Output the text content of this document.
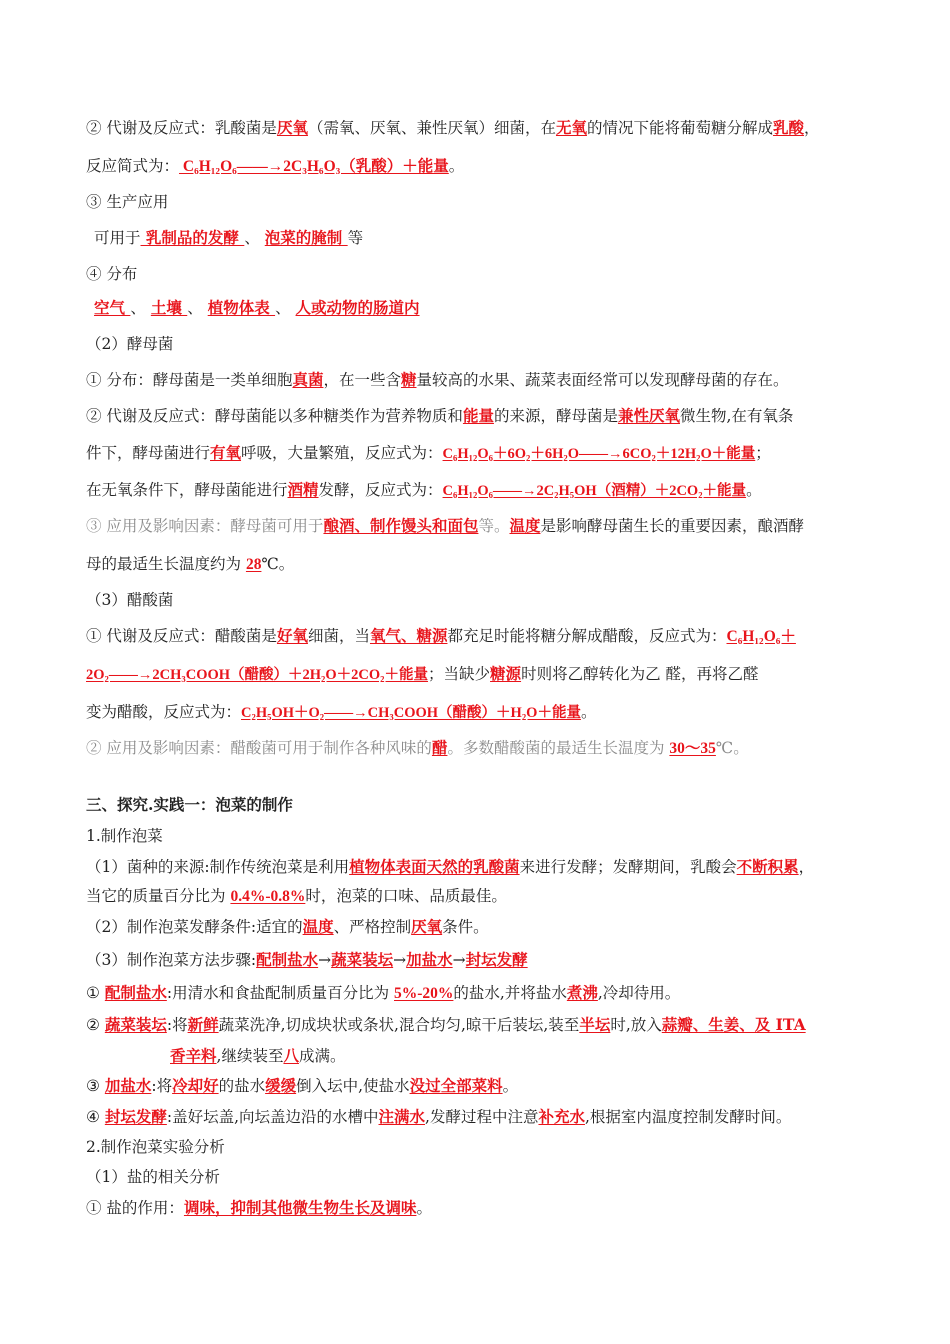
② 代谢及反应式：乳酸菌是厌氧（需氧、厌氧、兼性厌氧）细菌，在无氧的情况下能将葡萄糖分解成乳酸，
反应简式为： C₆H₁₂O₆——→2C₃H₆O₃（乳酸）＋能量。
③ 生产应用
可用于 乳制品的发酵 、 泡菜的腌制 等
④ 分布
空气 、 土壤 、 植物体表 、 人或动物的肠道内
（2）酵母菌
① 分布：酵母菌是一类单细胞真菌，在一些含糖量较高的水果、蔬菜表面经常可以发现酵母菌的存在。
② 代谢及反应式：酵母菌能以多种糖类作为营养物质和能量的来源，酵母菌是兼性厌氧微生物,在有氧条
件下，酵母菌进行有氧呼吸，大量繁殖，反应式为：C₆H₁₂O₆＋6O₂＋6H₂O——→6CO₂＋12H₂O＋能量；
在无氧条件下，酵母菌能进行酒精发酵，反应式为：C₆H₁₂O₆——→2C₂H₅OH（酒精）＋2CO₂＋能量。
③ 应用及影响因素：酵母菌可用于酿酒、制作馒头和面包等。温度是影响酵母菌生长的重要因素，酿酒酵
母的最适生长温度约为 28℃。
（3）醋酸菌
① 代谢及反应式：醋酸菌是好氧细菌，当氧气、糖源都充足时能将糖分解成醋酸，反应式为：C₆H₁₂O₆＋
2O₂——→2CH₃COOH（醋酸）＋2H₂O＋2CO₂＋能量；当缺少糖源时则将乙醇转化为乙 醛，再将乙醛
变为醋酸，反应式为：C₂H₅OH＋O₂——→CH₃COOH（醋酸）＋H₂O＋能量。
② 应用及影响因素：醋酸菌可用于制作各种风味的醋。多数醋酸菌的最适生长温度为 30～35℃。
三、探究.实践一：泡菜的制作
1.制作泡菜
（1）菌种的来源:制作传统泡菜是利用植物体表面天然的乳酸菌来进行发酵；发酵期间，乳酸会不断积累，
当它的质量百分比为 0.4%-0.8%时，泡菜的口味、品质最佳。
（2）制作泡菜发酵条件:适宜的温度、严格控制厌氧条件。
（3）制作泡菜方法步骤:配制盐水→蔬菜装坛→加盐水→封坛发酵
① 配制盐水:用清水和食盐配制质量百分比为 5%-20%的盐水,并将盐水煮沸,冷却待用。
② 蔬菜装坛:将新鲜蔬菜洗净,切成块状或条状,混合均匀,晾干后装坛,装至半坛时,放入蒜瓣、生姜、及 ITA
香辛料,继续装至八成满。
③ 加盐水:将冷却好的盐水缓缓倒入坛中,使盐水没过全部菜料。
④ 封坛发酵:盖好坛盖,向坛盖边沿的水槽中注满水,发酵过程中注意补充水,根据室内温度控制发酵时间。
2.制作泡菜实验分析
（1）盐的相关分析
① 盐的作用：调味，抑制其他微生物生长及调味。
